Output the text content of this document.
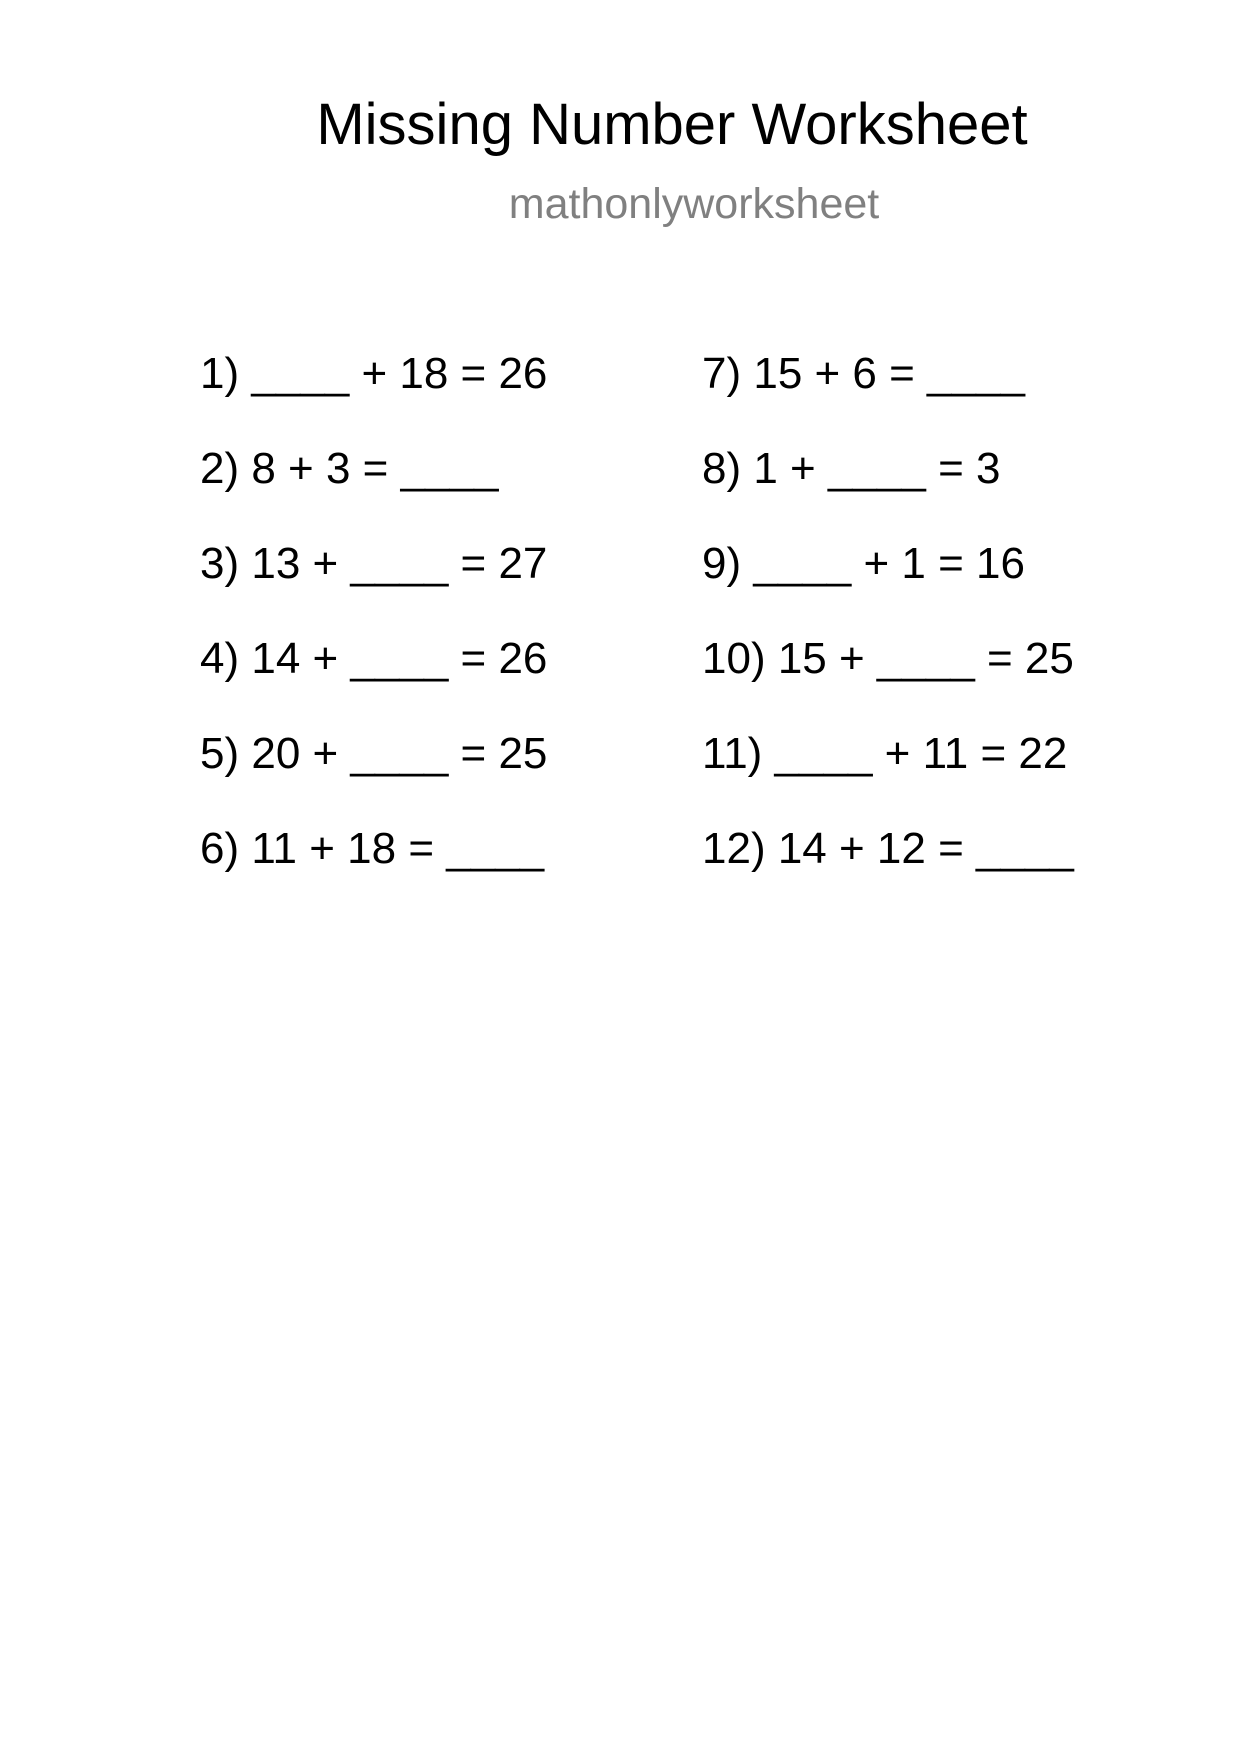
Missing Number Worksheet
mathonlyworksheet
1) ____ + 18 = 26
2) 8 + 3 = ____
3) 13 + ____ = 27
4) 14 + ____ = 26
5) 20 + ____ = 25
6) 11 + 18 = ____
7) 15 + 6 = ____
8) 1 + ____ = 3
9) ____ + 1 = 16
10) 15 + ____ = 25
11) ____ + 11 = 22
12) 14 + 12 = ____
